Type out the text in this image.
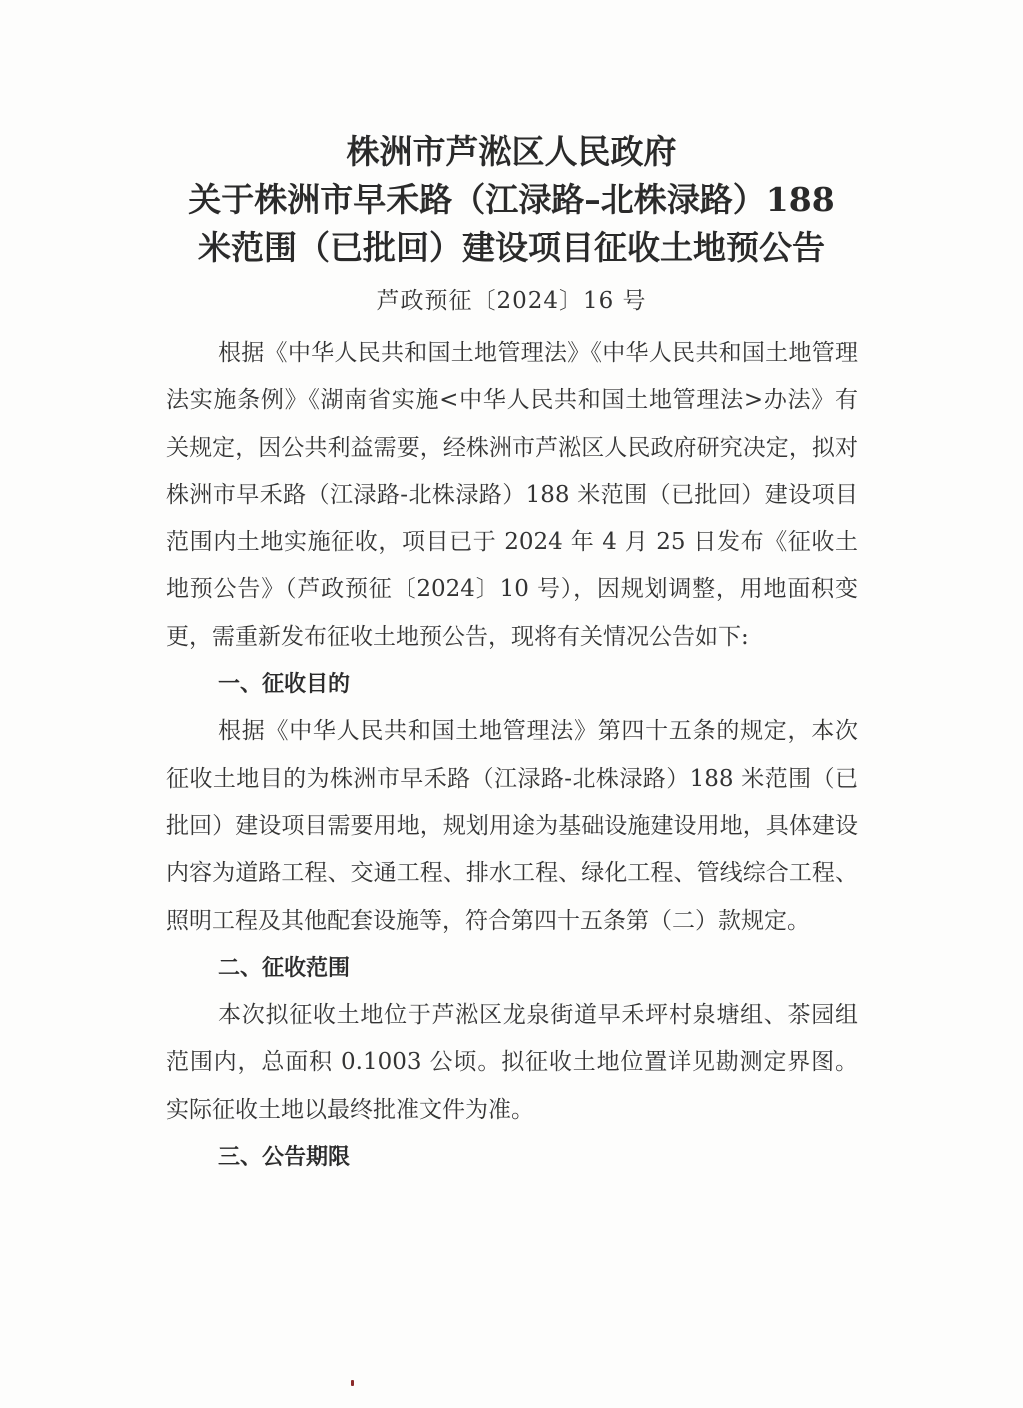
株洲市芦淞区人民政府
关于株洲市早禾路（江渌路–北株渌路）188
米范围（已批回）建设项目征收土地预公告
芦政预征〔2024〕16 号

根据《中华人民共和国土地管理法》《中华人民共和国土地管理法实施条例》《湖南省实施<中华人民共和国土地管理法>办法》有关规定，因公共利益需要，经株洲市芦淞区人民政府研究决定，拟对株洲市早禾路（江渌路-北株渌路）188 米范围（已批回）建设项目范围内土地实施征收，项目已于 2024 年 4 月 25 日发布《征收土地预公告》（芦政预征〔2024〕10 号），因规划调整，用地面积变更，需重新发布征收土地预公告，现将有关情况公告如下:

一、征收目的

根据《中华人民共和国土地管理法》第四十五条的规定，本次征收土地目的为株洲市早禾路（江渌路-北株渌路）188 米范围（已批回）建设项目需要用地，规划用途为基础设施建设用地，具体建设内容为道路工程、交通工程、排水工程、绿化工程、管线综合工程、照明工程及其他配套设施等，符合第四十五条第（二）款规定。

二、征收范围

本次拟征收土地位于芦淞区龙泉街道早禾坪村泉塘组、茶园组范围内，总面积 0.1003 公顷。拟征收土地位置详见勘测定界图。实际征收土地以最终批准文件为准。

三、公告期限
